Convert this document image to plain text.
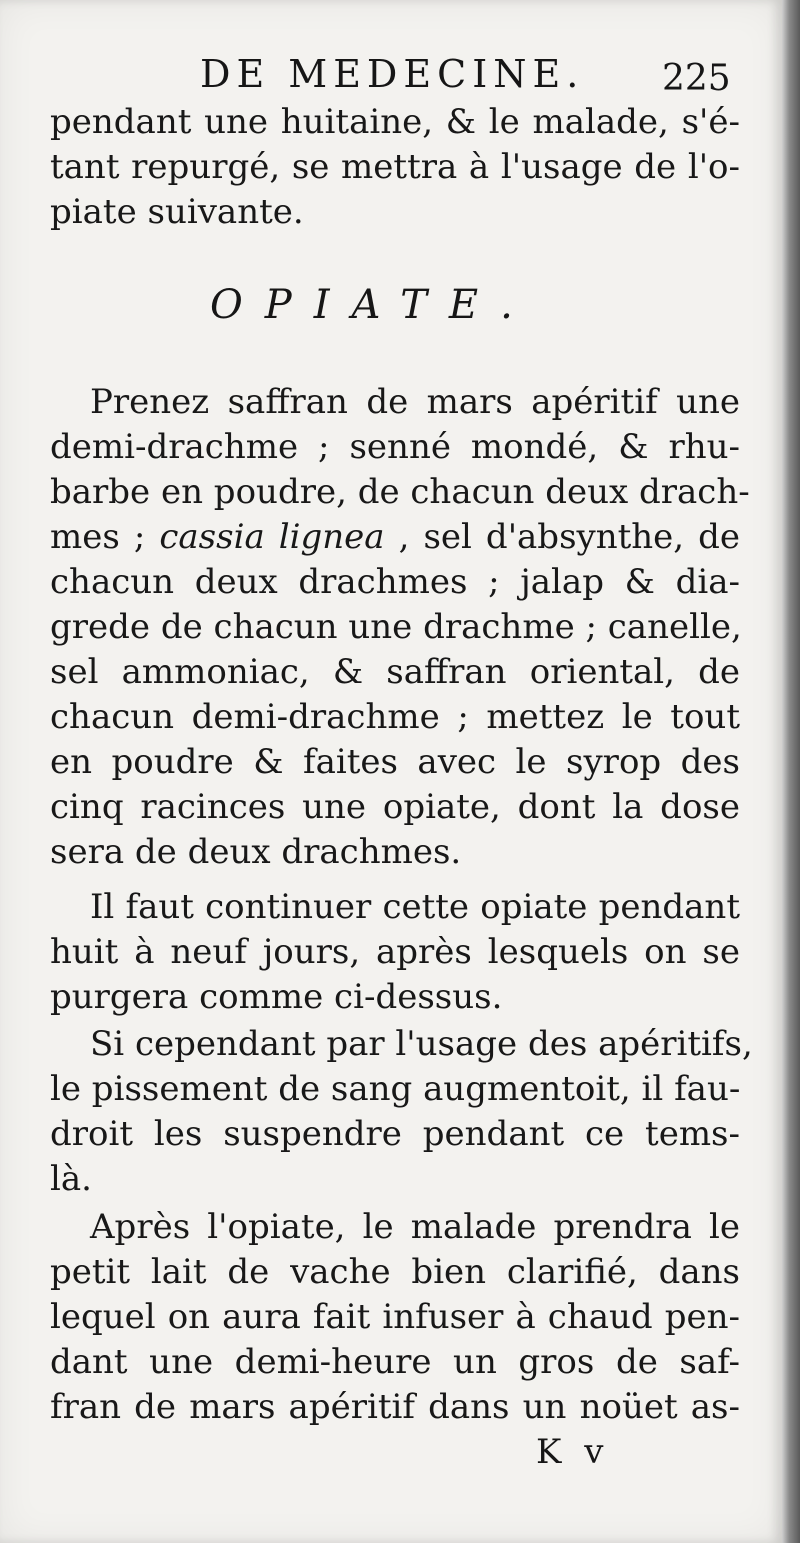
DE MEDECINE. 225
pendant une huitaine, & le malade, s'é-
tant repurgé, se mettra à l'usage de l'o-
piate suivante.
OPIATE.
Prenez saffran de mars apéritif une
demi-drachme ; senné mondé, & rhu-
barbe en poudre, de chacun deux drach-
mes ; cassia lignea , sel d'absynthe, de
chacun deux drachmes ; jalap & dia-
grede de chacun une drachme ; canelle,
sel ammoniac, & saffran oriental, de
chacun demi-drachme ; mettez le tout
en poudre & faites avec le syrop des
cinq racinces une opiate, dont la dose
sera de deux drachmes.
Il faut continuer cette opiate pendant
huit à neuf jours, après lesquels on se
purgera comme ci-dessus.
Si cependant par l'usage des apéritifs,
le pissement de sang augmentoit, il fau-
droit les suspendre pendant ce tems-
là.
Après l'opiate, le malade prendra le
petit lait de vache bien clarifié, dans
lequel on aura fait infuser à chaud pen-
dant une demi-heure un gros de saf-
fran de mars apéritif dans un noüet as-
K v
